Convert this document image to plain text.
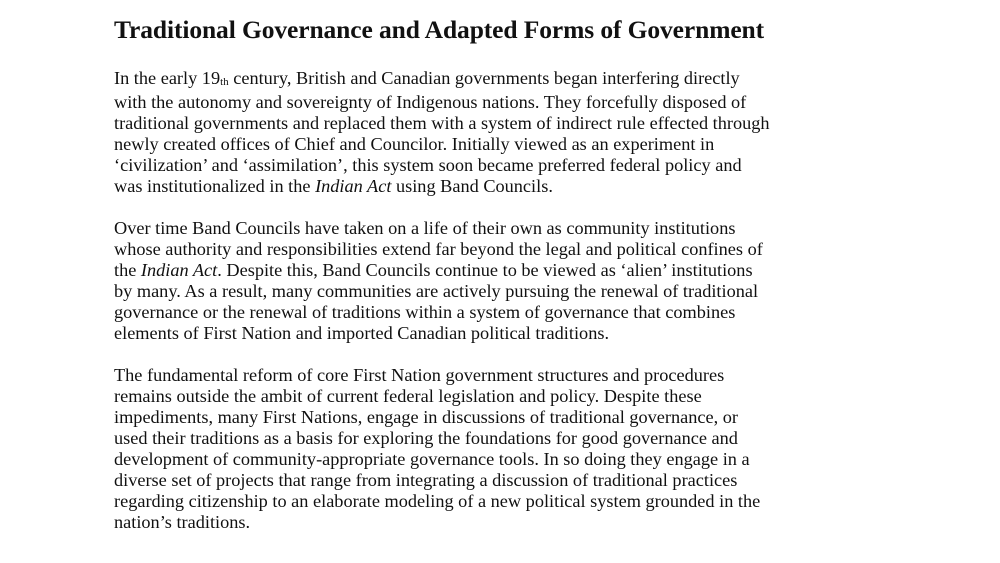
Traditional Governance and Adapted Forms of Government
In the early 19th century, British and Canadian governments began interfering directly
with the autonomy and sovereignty of Indigenous nations. They forcefully disposed of
traditional governments and replaced them with a system of indirect rule effected through
newly created offices of Chief and Councilor. Initially viewed as an experiment in
‘civilization’ and ‘assimilation’, this system soon became preferred federal policy and
was institutionalized in the Indian Act using Band Councils.
Over time Band Councils have taken on a life of their own as community institutions
whose authority and responsibilities extend far beyond the legal and political confines of
the Indian Act. Despite this, Band Councils continue to be viewed as ‘alien’ institutions
by many. As a result, many communities are actively pursuing the renewal of traditional
governance or the renewal of traditions within a system of governance that combines
elements of First Nation and imported Canadian political traditions.
The fundamental reform of core First Nation government structures and procedures
remains outside the ambit of current federal legislation and policy. Despite these
impediments, many First Nations, engage in discussions of traditional governance, or
used their traditions as a basis for exploring the foundations for good governance and
development of community-appropriate governance tools. In so doing they engage in a
diverse set of projects that range from integrating a discussion of traditional practices
regarding citizenship to an elaborate modeling of a new political system grounded in the
nation’s traditions.
